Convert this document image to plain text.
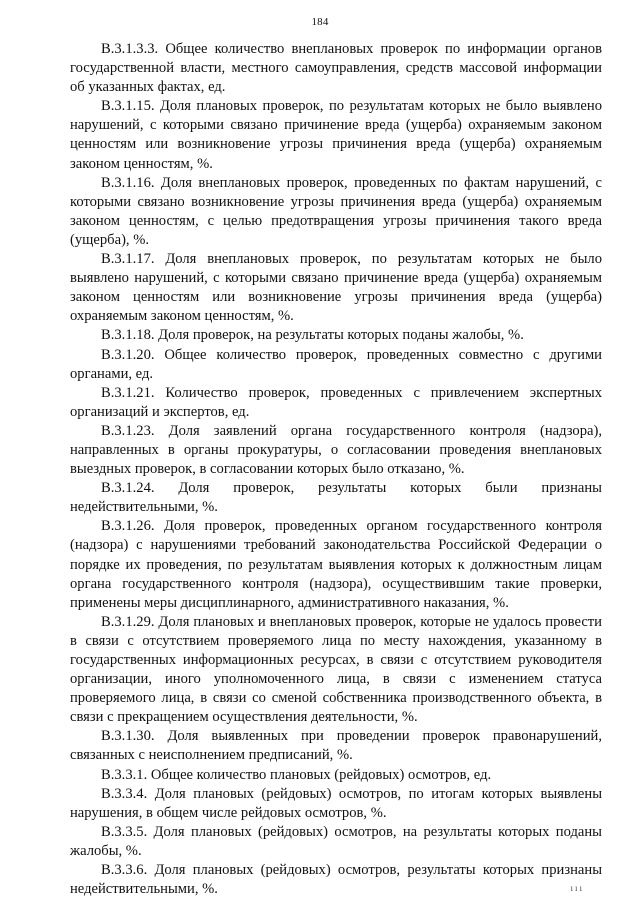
184

В.3.1.3.3. Общее количество внеплановых проверок по информации органов государственной власти, местного самоуправления, средств массовой информации об указанных фактах, ед.

В.3.1.15. Доля плановых проверок, по результатам которых не было выявлено нарушений, с которыми связано причинение вреда (ущерба) охраняемым законом ценностям или возникновение угрозы причинения вреда (ущерба) охраняемым законом ценностям, %.

В.3.1.16. Доля внеплановых проверок, проведенных по фактам нарушений, с которыми связано возникновение угрозы причинения вреда (ущерба) охраняемым законом ценностям, с целью предотвращения угрозы причинения такого вреда (ущерба), %.

В.3.1.17. Доля внеплановых проверок, по результатам которых не было выявлено нарушений, с которыми связано причинение вреда (ущерба) охраняемым законом ценностям или возникновение угрозы причинения вреда (ущерба) охраняемым законом ценностям, %.

В.3.1.18. Доля проверок, на результаты которых поданы жалобы, %.

В.3.1.20. Общее количество проверок, проведенных совместно с другими органами, ед.

В.3.1.21. Количество проверок, проведенных с привлечением экспертных организаций и экспертов, ед.

В.3.1.23. Доля заявлений органа государственного контроля (надзора), направленных в органы прокуратуры, о согласовании проведения внеплановых выездных проверок, в согласовании которых было отказано, %.

В.3.1.24. Доля проверок, результаты которых были признаны недействительными, %.

В.3.1.26. Доля проверок, проведенных органом государственного контроля (надзора) с нарушениями требований законодательства Российской Федерации о порядке их проведения, по результатам выявления которых к должностным лицам органа государственного контроля (надзора), осуществившим такие проверки, применены меры дисциплинарного, административного наказания, %.

В.3.1.29. Доля плановых и внеплановых проверок, которые не удалось провести в связи с отсутствием проверяемого лица по месту нахождения, указанному в государственных информационных ресурсах, в связи с отсутствием руководителя организации, иного уполномоченного лица, в связи с изменением статуса проверяемого лица, в связи со сменой собственника производственного объекта, в связи с прекращением осуществления деятельности, %.

В.3.1.30. Доля выявленных при проведении проверок правонарушений, связанных с неисполнением предписаний, %.

В.3.3.1. Общее количество плановых (рейдовых) осмотров, ед.

В.3.3.4. Доля плановых (рейдовых) осмотров, по итогам которых выявлены нарушения, в общем числе рейдовых осмотров, %.

В.3.3.5. Доля плановых (рейдовых) осмотров, на результаты которых поданы жалобы, %.

В.3.3.6. Доля плановых (рейдовых) осмотров, результаты которых признаны недействительными, %.	ııı
